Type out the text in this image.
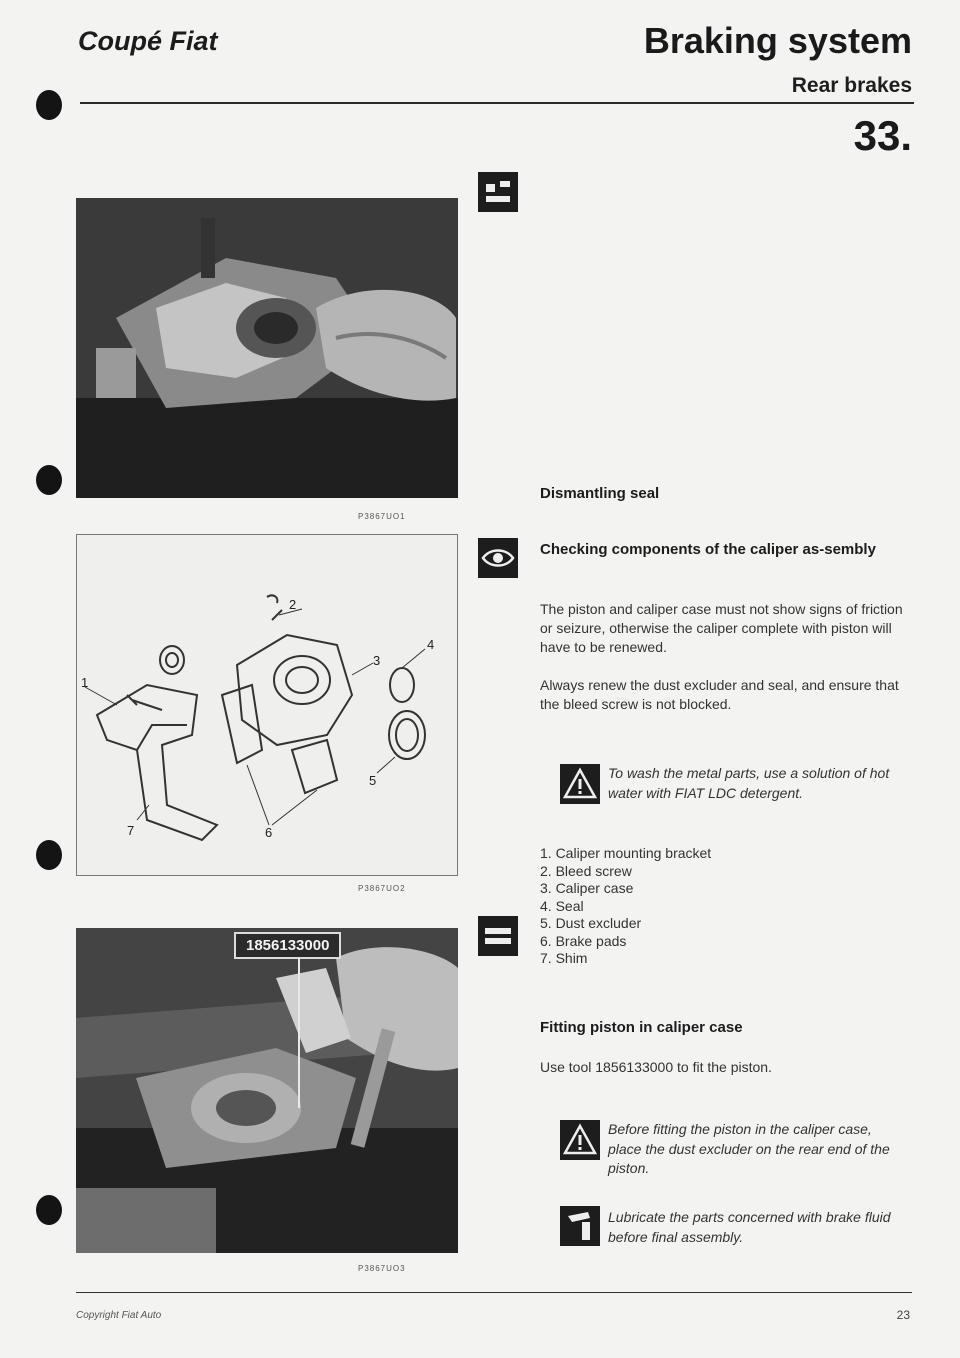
Coupé Fiat	Braking system
Rear brakes
33.
P3867UO1
1
2
3
4
5
6
7
P3867UO2
1856133000
P3867UO3
Dismantling seal
Checking components of the caliper as-sembly
The piston and caliper case must not show signs of friction or seizure, otherwise the caliper complete with piston will have to be renewed.
Always renew the dust excluder and seal, and ensure that the bleed screw is not blocked.
To wash the metal parts, use a solution of hot water with FIAT LDC detergent.
1. Caliper mounting bracket
2. Bleed screw
3. Caliper case
4. Seal
5. Dust excluder
6. Brake pads
7. Shim
Fitting piston in caliper case
Use tool 1856133000 to fit the piston.
Before fitting the piston in the caliper case, place the dust excluder on the rear end of the piston.
Lubricate the parts concerned with brake fluid before final assembly.
Copyright Fiat Auto	23
